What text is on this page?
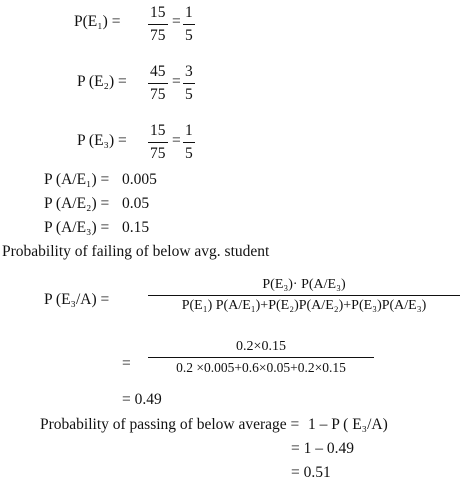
$P(E_1) = \frac{15}{75} = \frac{1}{5}$
P $(E_2) = \frac{45}{75} = \frac{3}{5}$
P $(E_3) = \frac{15}{75} = \frac{1}{5}$
P (A/E₁) = 0.005
P (A/E₂) = 0.05
P (A/E₃) = 0.15
Probability of failing of below avg. student
P (E₃/A) =	$\frac{\text{P(E₃)· P(A/E₃)}}{\text{P(E₁) P(A/E₁)+P(E₂)P(A/E₂)+P(E₃)P(A/E₃)}}$
= $\frac{0.2\times 0.15}{0.2 \times 0.005+0.6\times 0.05+0.2\times 0.15}$
= 0.49
Probability of passing of below average = 1 – P ( E₃/A)
= 1 – 0.49
= 0.51
